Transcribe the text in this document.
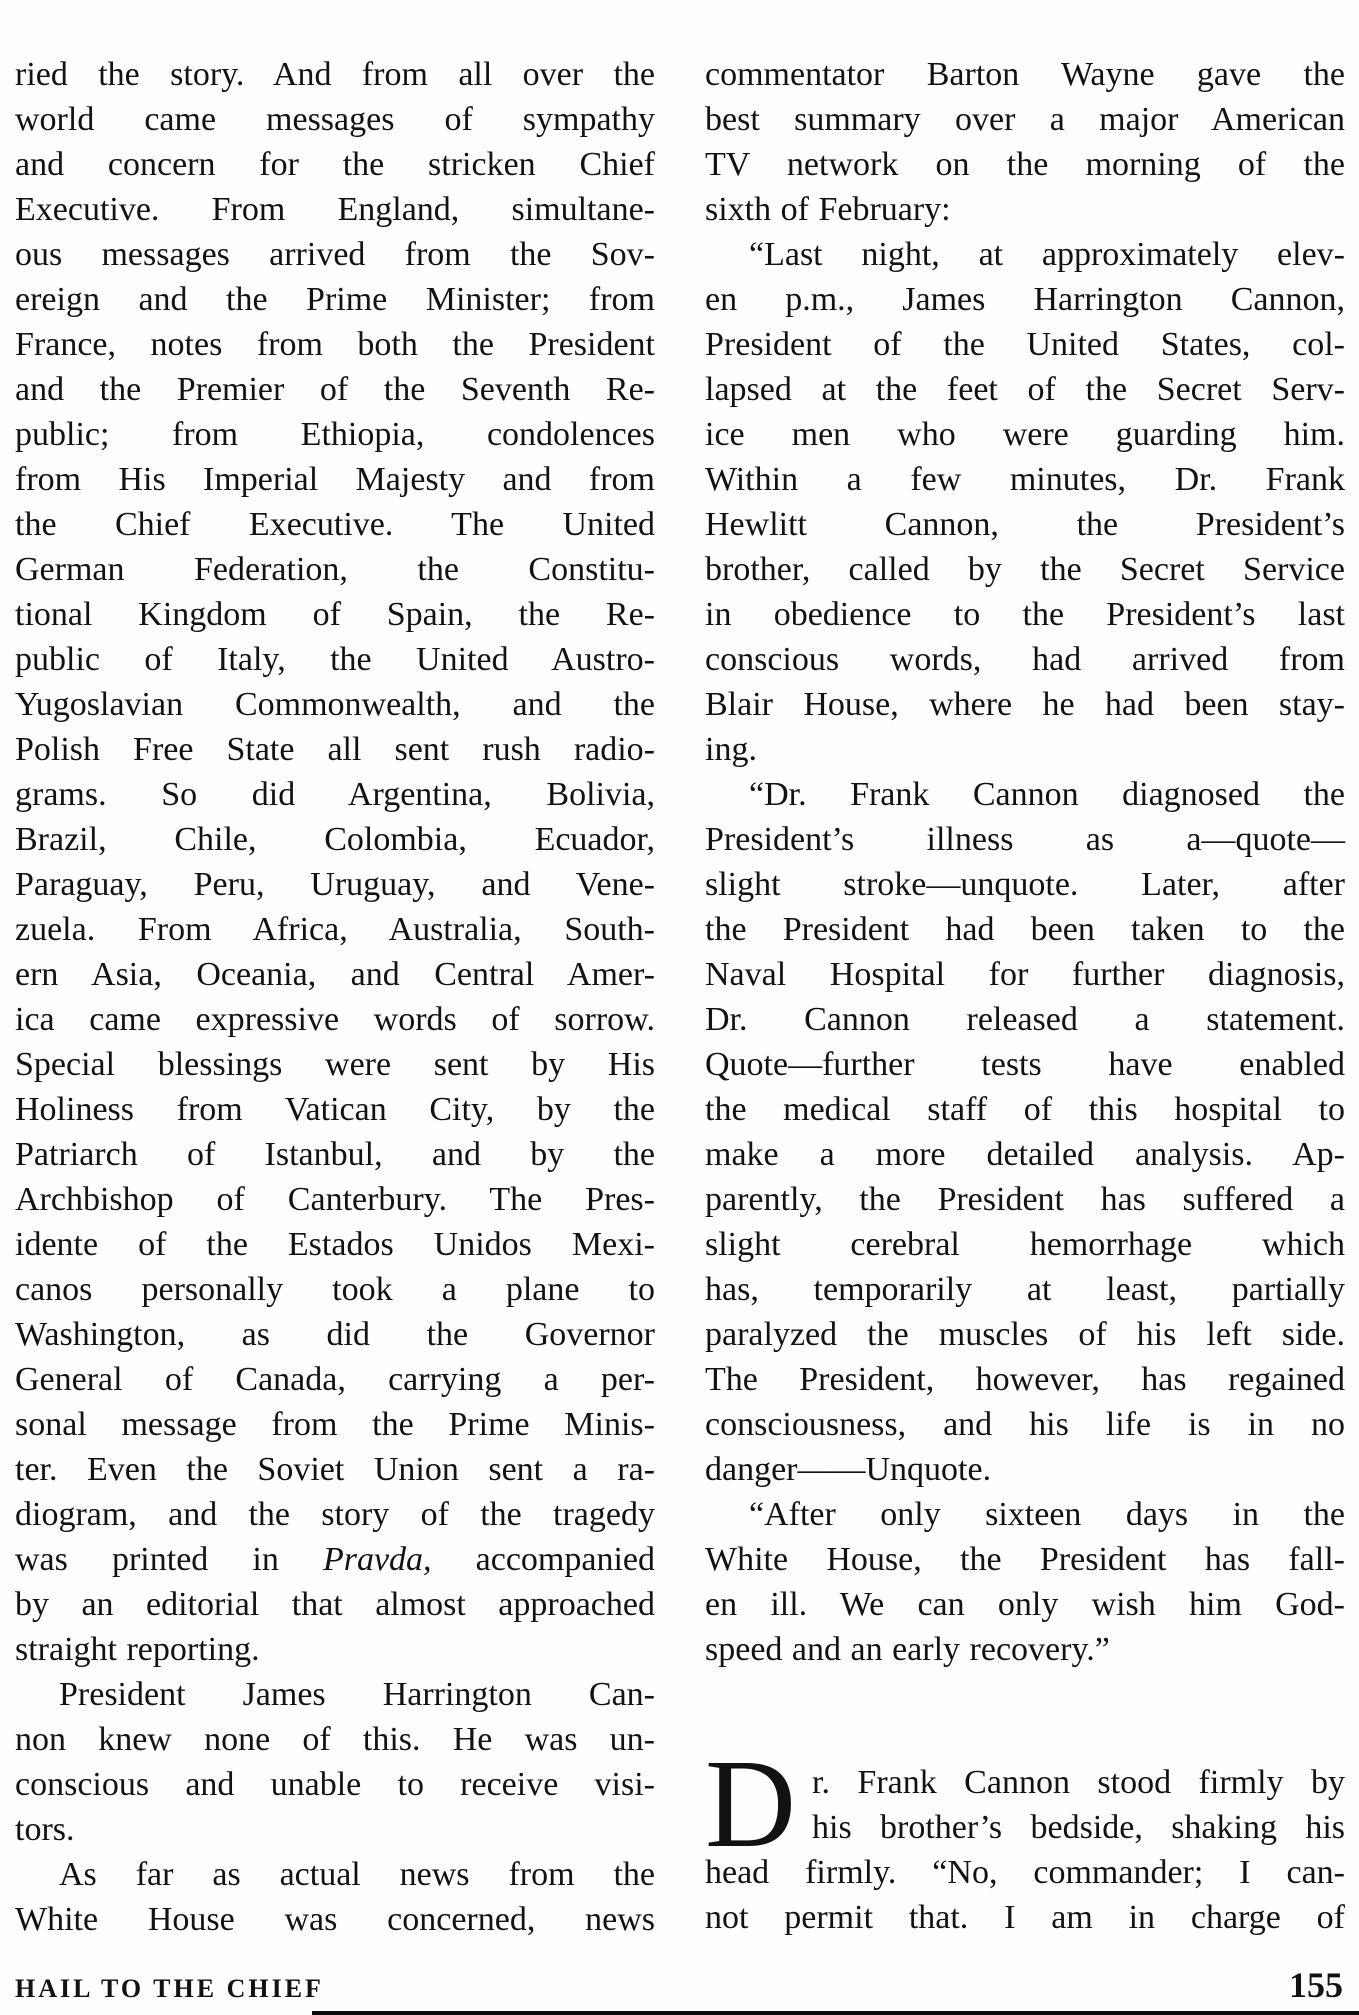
ried the story. And from all over the
world came messages of sympathy
and concern for the stricken Chief
Executive. From England, simultane-
ous messages arrived from the Sov-
ereign and the Prime Minister; from
France, notes from both the President
and the Premier of the Seventh Re-
public; from Ethiopia, condolences
from His Imperial Majesty and from
the Chief Executive. The United
German Federation, the Constitu-
tional Kingdom of Spain, the Re-
public of Italy, the United Austro-
Yugoslavian Commonwealth, and the
Polish Free State all sent rush radio-
grams. So did Argentina, Bolivia,
Brazil, Chile, Colombia, Ecuador,
Paraguay, Peru, Uruguay, and Vene-
zuela. From Africa, Australia, South-
ern Asia, Oceania, and Central Amer-
ica came expressive words of sorrow.
Special blessings were sent by His
Holiness from Vatican City, by the
Patriarch of Istanbul, and by the
Archbishop of Canterbury. The Pres-
idente of the Estados Unidos Mexi-
canos personally took a plane to
Washington, as did the Governor
General of Canada, carrying a per-
sonal message from the Prime Minis-
ter. Even the Soviet Union sent a ra-
diogram, and the story of the tragedy
was printed in Pravda, accompanied
by an editorial that almost approached
straight reporting.
President James Harrington Can-
non knew none of this. He was un-
conscious and unable to receive visi-
tors.
As far as actual news from the
White House was concerned, news
commentator Barton Wayne gave the
best summary over a major American
TV network on the morning of the
sixth of February:
“Last night, at approximately elev-
en p.m., James Harrington Cannon,
President of the United States, col-
lapsed at the feet of the Secret Serv-
ice men who were guarding him.
Within a few minutes, Dr. Frank
Hewlitt Cannon, the President’s
brother, called by the Secret Service
in obedience to the President’s last
conscious words, had arrived from
Blair House, where he had been stay-
ing.
“Dr. Frank Cannon diagnosed the
President’s illness as a—quote—
slight stroke—unquote. Later, after
the President had been taken to the
Naval Hospital for further diagnosis,
Dr. Cannon released a statement.
Quote—further tests have enabled
the medical staff of this hospital to
make a more detailed analysis. Ap-
parently, the President has suffered a
slight cerebral hemorrhage which
has, temporarily at least, partially
paralyzed the muscles of his left side.
The President, however, has regained
consciousness, and his life is in no
danger——Unquote.
“After only sixteen days in the
White House, the President has fall-
en ill. We can only wish him God-
speed and an early recovery.”
D r. Frank Cannon stood firmly by
his brother’s bedside, shaking his
head firmly. “No, commander; I can-
not permit that. I am in charge of
HAIL TO THE CHIEF	155
